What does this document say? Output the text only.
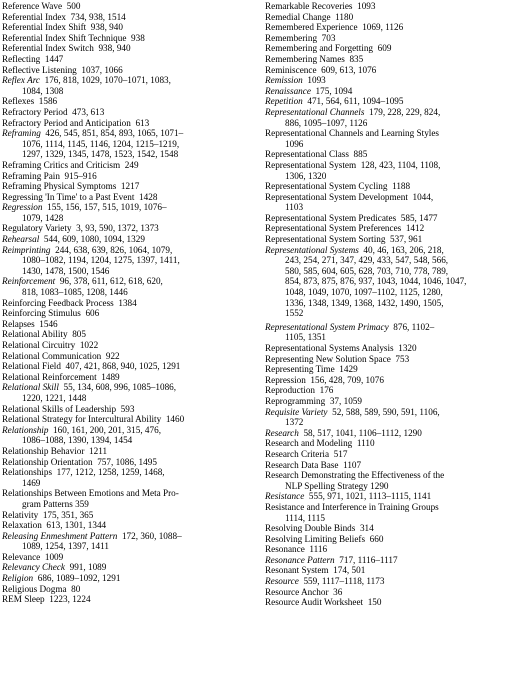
Reference Wave 500
Referential Index 734, 938, 1514
Referential Index Shift 938, 940
Referential Index Shift Technique 938
Referential Index Switch 938, 940
Reflecting 1447
Reflective Listening 1037, 1066
Reflex Arc 176, 818, 1029, 1070–1071, 1083,
1084, 1308
Reflexes 1586
Refractory Period 473, 613
Refractory Period and Anticipation 613
Reframing 426, 545, 851, 854, 893, 1065, 1071–
1076, 1114, 1145, 1146, 1204, 1215–1219,
1297, 1329, 1345, 1478, 1523, 1542, 1548
Reframing Critics and Criticism 249
Reframing Pain 915–916
Reframing Physical Symptoms 1217
Regressing 'In Time' to a Past Event 1428
Regression 155, 156, 157, 515, 1019, 1076–
1079, 1428
Regulatory Variety 3, 93, 590, 1372, 1373
Rehearsal 544, 609, 1080, 1094, 1329
Reimprinting 244, 638, 639, 826, 1064, 1079,
1080–1082, 1194, 1204, 1275, 1397, 1411,
1430, 1478, 1500, 1546
Reinforcement 96, 378, 611, 612, 618, 620,
818, 1083–1085, 1208, 1446
Reinforcing Feedback Process 1384
Reinforcing Stimulus 606
Relapses 1546
Relational Ability 805
Relational Circuitry 1022
Relational Communication 922
Relational Field 407, 421, 868, 940, 1025, 1291
Relational Reinforcement 1489
Relational Skill 55, 134, 608, 996, 1085–1086,
1220, 1221, 1448
Relational Skills of Leadership 593
Relational Strategy for Intercultural Ability 1460
Relationship 160, 161, 200, 201, 315, 476,
1086–1088, 1390, 1394, 1454
Relationship Behavior 1211
Relationship Orientation 757, 1086, 1495
Relationships 177, 1212, 1258, 1259, 1468,
1469
Relationships Between Emotions and Meta Pro-
gram Patterns 359
Relativity 175, 351, 365
Relaxation 613, 1301, 1344
Releasing Enmeshment Pattern 172, 360, 1088–
1089, 1254, 1397, 1411
Relevance 1009
Relevancy Check 991, 1089
Religion 686, 1089–1092, 1291
Religious Dogma 80
REM Sleep 1223, 1224
Remarkable Recoveries 1093
Remedial Change 1180
Remembered Experience 1069, 1126
Remembering 703
Remembering and Forgetting 609
Remembering Names 835
Reminiscence 609, 613, 1076
Remission 1093
Renaissance 175, 1094
Repetition 471, 564, 611, 1094–1095
Representational Channels 179, 228, 229, 824,
886, 1095–1097, 1126
Representational Channels and Learning Styles
1096
Representational Class 885
Representational System 128, 423, 1104, 1108,
1306, 1320
Representational System Cycling 1188
Representational System Development 1044,
1103
Representational System Predicates 585, 1477
Representational System Preferences 1412
Representational System Sorting 537, 961
Representational Systems 40, 46, 163, 206, 218,
243, 254, 271, 347, 429, 433, 547, 548, 566,
580, 585, 604, 605, 628, 703, 710, 778, 789,
854, 873, 875, 876, 937, 1043, 1044, 1046, 1047,
1048, 1049, 1070, 1097–1102, 1125, 1280,
1336, 1348, 1349, 1368, 1432, 1490, 1505,
1552
Representational System Primacy 876, 1102–
1105, 1351
Representational Systems Analysis 1320
Representing New Solution Space 753
Representing Time 1429
Repression 156, 428, 709, 1076
Reproduction 176
Reprogramming 37, 1059
Requisite Variety 52, 588, 589, 590, 591, 1106,
1372
Research 58, 517, 1041, 1106–1112, 1290
Research and Modeling 1110
Research Criteria 517
Research Data Base 1107
Research Demonstrating the Effectiveness of the
NLP Spelling Strategy 1290
Resistance 555, 971, 1021, 1113–1115, 1141
Resistance and Interference in Training Groups
1114, 1115
Resolving Double Binds 314
Resolving Limiting Beliefs 660
Resonance 1116
Resonance Pattern 717, 1116–1117
Resonant System 174, 501
Resource 559, 1117–1118, 1173
Resource Anchor 36
Resource Audit Worksheet 150
